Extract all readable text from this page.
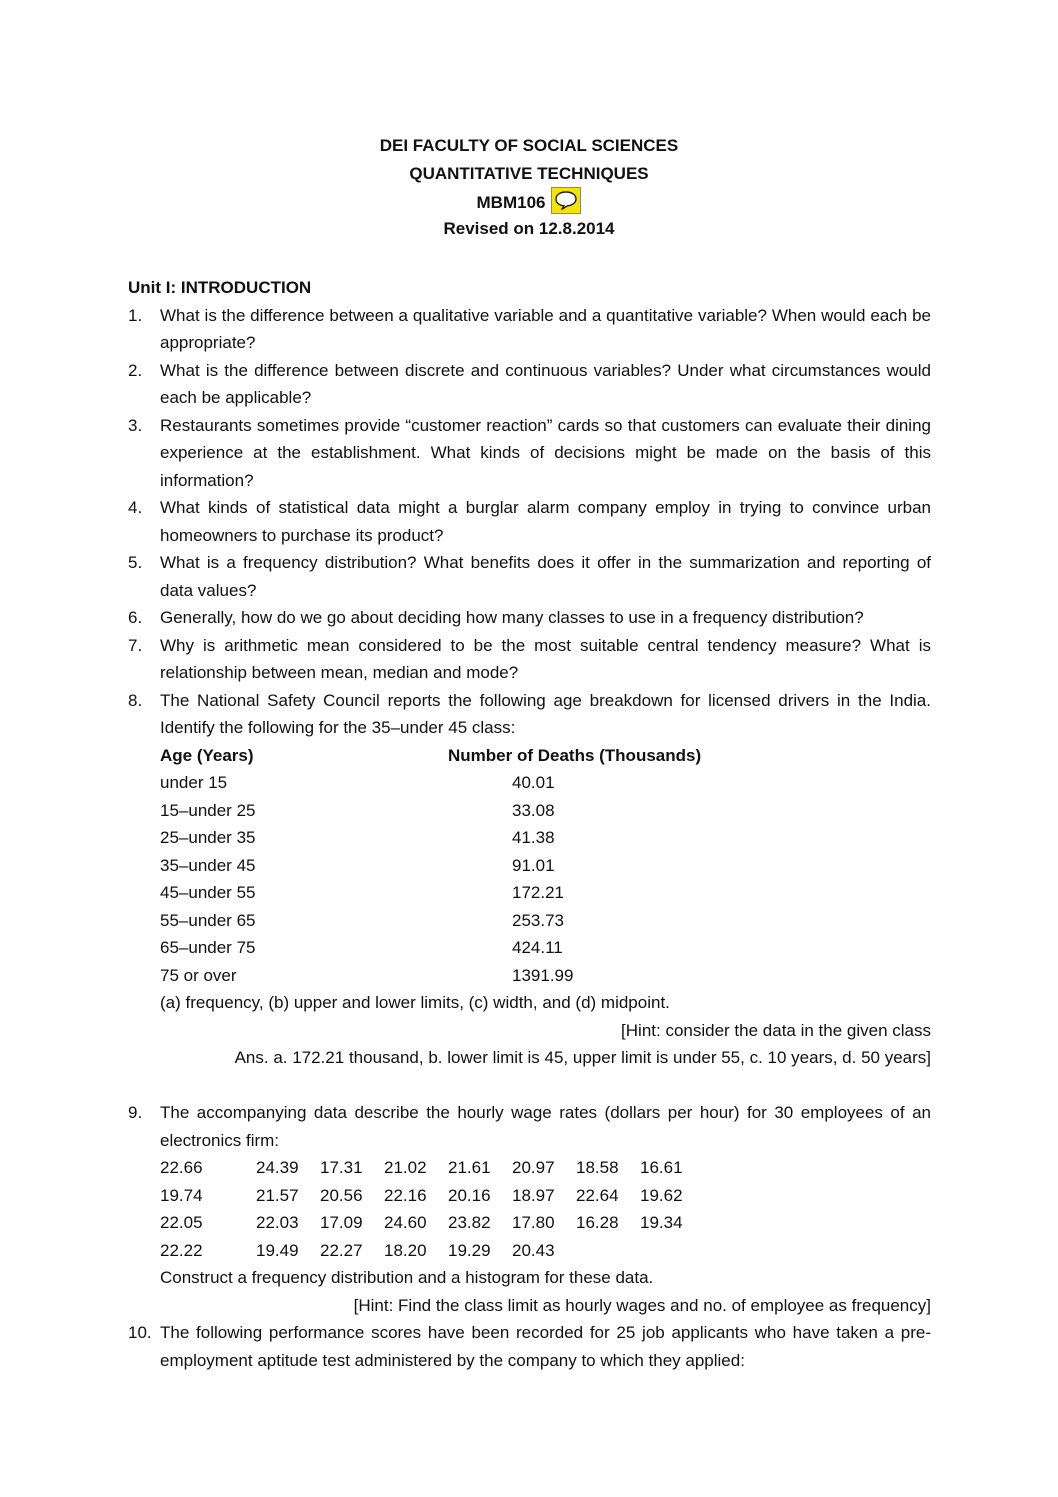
DEI FACULTY OF SOCIAL SCIENCES
QUANTITATIVE TECHNIQUES
MBM106
Revised on 12.8.2014
Unit I: INTRODUCTION
1. What is the difference between a qualitative variable and a quantitative variable? When would each be appropriate?
2. What is the difference between discrete and continuous variables? Under what circumstances would each be applicable?
3. Restaurants sometimes provide “customer reaction” cards so that customers can evaluate their dining experience at the establishment. What kinds of decisions might be made on the basis of this information?
4. What kinds of statistical data might a burglar alarm company employ in trying to convince urban homeowners to purchase its product?
5. What is a frequency distribution? What benefits does it offer in the summarization and reporting of data values?
6. Generally, how do we go about deciding how many classes to use in a frequency distribution?
7. Why is arithmetic mean considered to be the most suitable central tendency measure? What is relationship between mean, median and mode?
8. The National Safety Council reports the following age breakdown for licensed drivers in the India. Identify the following for the 35–under 45 class:
Age (Years)	Number of Deaths (Thousands)
under 15	40.01
15–under 25	33.08
25–under 35	41.38
35–under 45	91.01
45–under 55	172.21
55–under 65	253.73
65–under 75	424.11
75 or over	1391.99
(a) frequency, (b) upper and lower limits, (c) width, and (d) midpoint.
[Hint: consider the data in the given class
Ans. a. 172.21 thousand, b. lower limit is 45, upper limit is under 55, c. 10 years, d. 50 years]
9. The accompanying data describe the hourly wage rates (dollars per hour) for 30 employees of an electronics firm:
22.66	24.39	17.31	21.02	21.61	20.97	18.58	16.61
19.74	21.57	20.56	22.16	20.16	18.97	22.64	19.62
22.05	22.03	17.09	24.60	23.82	17.80	16.28	19.34
22.22	19.49	22.27	18.20	19.29	20.43
Construct a frequency distribution and a histogram for these data.
[Hint: Find the class limit as hourly wages and no. of employee as frequency]
10. The following performance scores have been recorded for 25 job applicants who have taken a pre-employment aptitude test administered by the company to which they applied:
